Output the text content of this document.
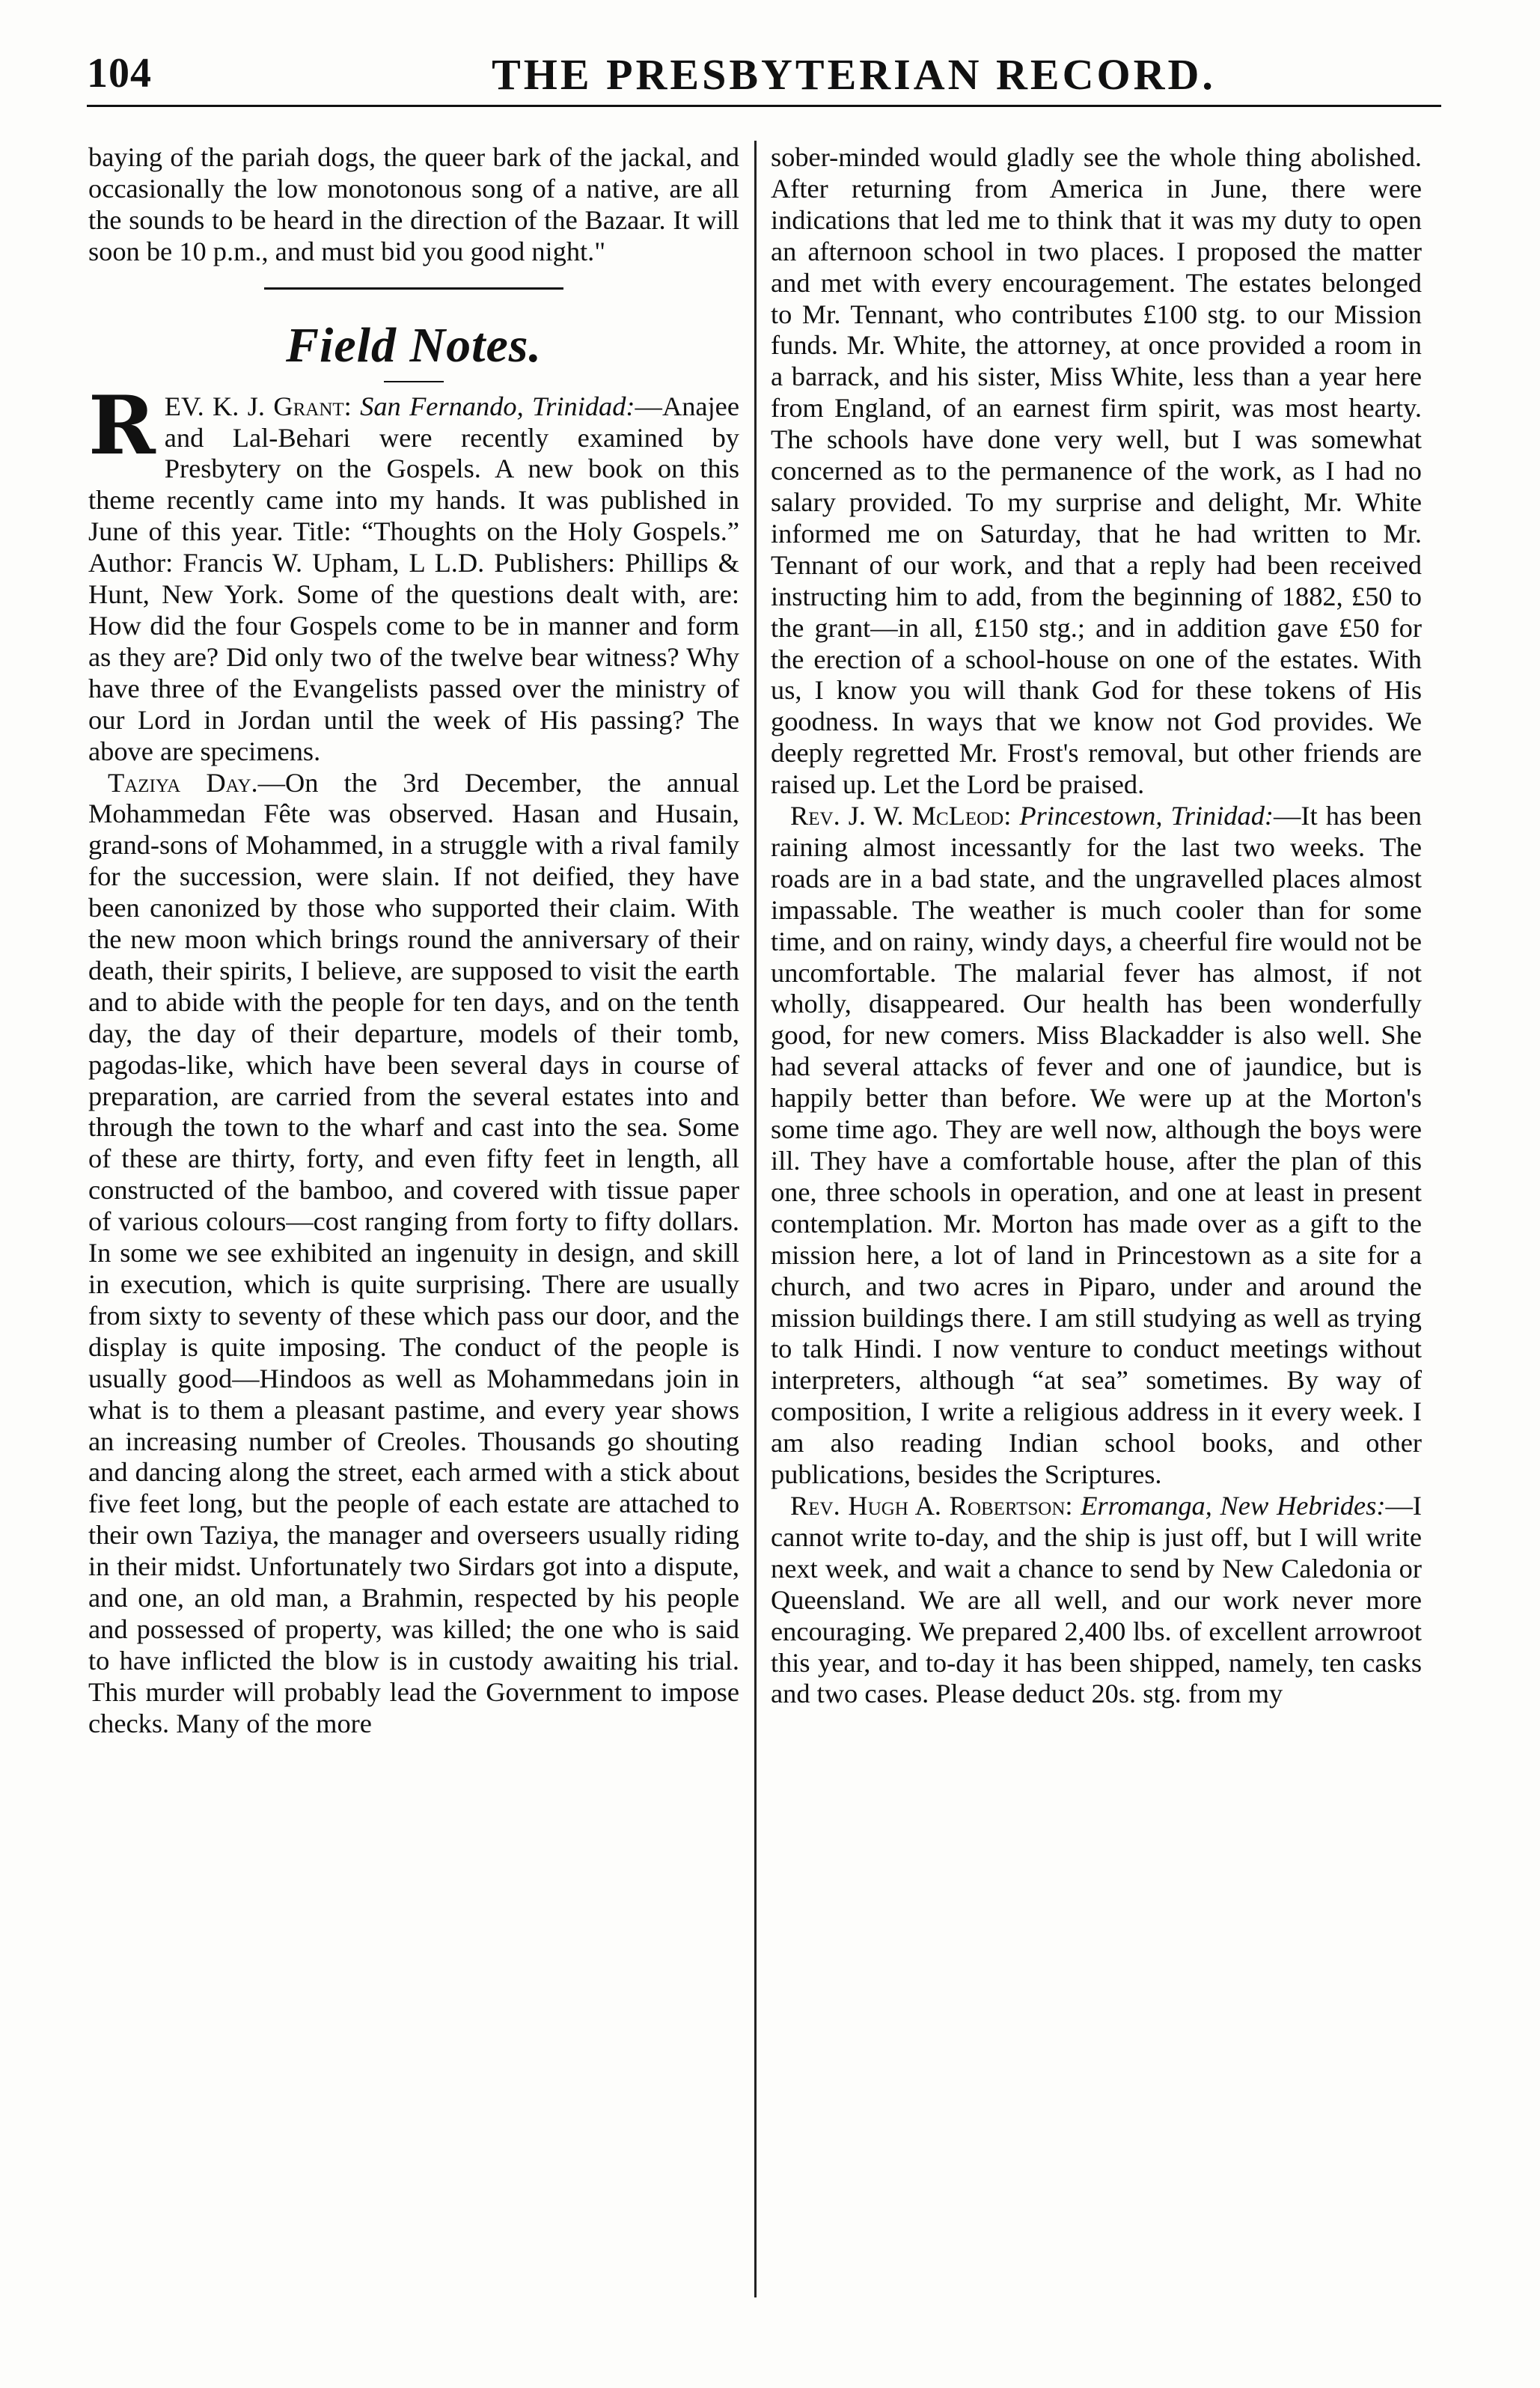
104	THE PRESBYTERIAN RECORD.

baying of the pariah dogs, the queer bark of the jackal, and occasionally the low monotonous song of a native, are all the sounds to be heard in the direction of the Bazaar. It will soon be 10 p.m., and must bid you good night."

Field Notes.

REV. K. J. Grant: San Fernando, Trinidad:—Anajee and Lal-Behari were recently examined by Presbytery on the Gospels. A new book on this theme recently came into my hands. It was published in June of this year. Title: “Thoughts on the Holy Gospels.” Author: Francis W. Upham, L L.D. Publishers: Phillips & Hunt, New York. Some of the questions dealt with, are: How did the four Gospels come to be in manner and form as they are? Did only two of the twelve bear witness? Why have three of the Evangelists passed over the ministry of our Lord in Jordan until the week of His passing? The above are specimens.

Taziya Day.—On the 3rd December, the annual Mohammedan Fête was observed. Hasan and Husain, grand-sons of Mohammed, in a struggle with a rival family for the succession, were slain. If not deified, they have been canonized by those who supported their claim. With the new moon which brings round the anniversary of their death, their spirits, I believe, are supposed to visit the earth and to abide with the people for ten days, and on the tenth day, the day of their departure, models of their tomb, pagodas-like, which have been several days in course of preparation, are carried from the several estates into and through the town to the wharf and cast into the sea. Some of these are thirty, forty, and even fifty feet in length, all constructed of the bamboo, and covered with tissue paper of various colours—cost ranging from forty to fifty dollars. In some we see exhibited an ingenuity in design, and skill in execution, which is quite surprising. There are usually from sixty to seventy of these which pass our door, and the display is quite imposing. The conduct of the people is usually good—Hindoos as well as Mohammedans join in what is to them a pleasant pastime, and every year shows an increasing number of Creoles. Thousands go shouting and dancing along the street, each armed with a stick about five feet long, but the people of each estate are attached to their own Taziya, the manager and overseers usually riding in their midst. Unfortunately two Sirdars got into a dispute, and one, an old man, a Brahmin, respected by his people and possessed of property, was killed; the one who is said to have inflicted the blow is in custody awaiting his trial. This murder will probably lead the Government to impose checks. Many of the more

sober-minded would gladly see the whole thing abolished. After returning from America in June, there were indications that led me to think that it was my duty to open an afternoon school in two places. I proposed the matter and met with every encouragement. The estates belonged to Mr. Tennant, who contributes £100 stg. to our Mission funds. Mr. White, the attorney, at once provided a room in a barrack, and his sister, Miss White, less than a year here from England, of an earnest firm spirit, was most hearty. The schools have done very well, but I was somewhat concerned as to the permanence of the work, as I had no salary provided. To my surprise and delight, Mr. White informed me on Saturday, that he had written to Mr. Tennant of our work, and that a reply had been received instructing him to add, from the beginning of 1882, £50 to the grant—in all, £150 stg.; and in addition gave £50 for the erection of a school-house on one of the estates. With us, I know you will thank God for these tokens of His goodness. In ways that we know not God provides. We deeply regretted Mr. Frost's removal, but other friends are raised up. Let the Lord be praised.

Rev. J. W. McLeod: Princestown, Trinidad:—It has been raining almost incessantly for the last two weeks. The roads are in a bad state, and the ungravelled places almost impassable. The weather is much cooler than for some time, and on rainy, windy days, a cheerful fire would not be uncomfortable. The malarial fever has almost, if not wholly, disappeared. Our health has been wonderfully good, for new comers. Miss Blackadder is also well. She had several attacks of fever and one of jaundice, but is happily better than before. We were up at the Morton's some time ago. They are well now, although the boys were ill. They have a comfortable house, after the plan of this one, three schools in operation, and one at least in present contemplation. Mr. Morton has made over as a gift to the mission here, a lot of land in Princestown as a site for a church, and two acres in Piparo, under and around the mission buildings there. I am still studying as well as trying to talk Hindi. I now venture to conduct meetings without interpreters, although “at sea” sometimes. By way of composition, I write a religious address in it every week. I am also reading Indian school books, and other publications, besides the Scriptures.

Rev. Hugh A. Robertson: Erromanga, New Hebrides:—I cannot write to-day, and the ship is just off, but I will write next week, and wait a chance to send by New Caledonia or Queensland. We are all well, and our work never more encouraging. We prepared 2,400 lbs. of excellent arrowroot this year, and to-day it has been shipped, namely, ten casks and two cases. Please deduct 20s. stg. from my
